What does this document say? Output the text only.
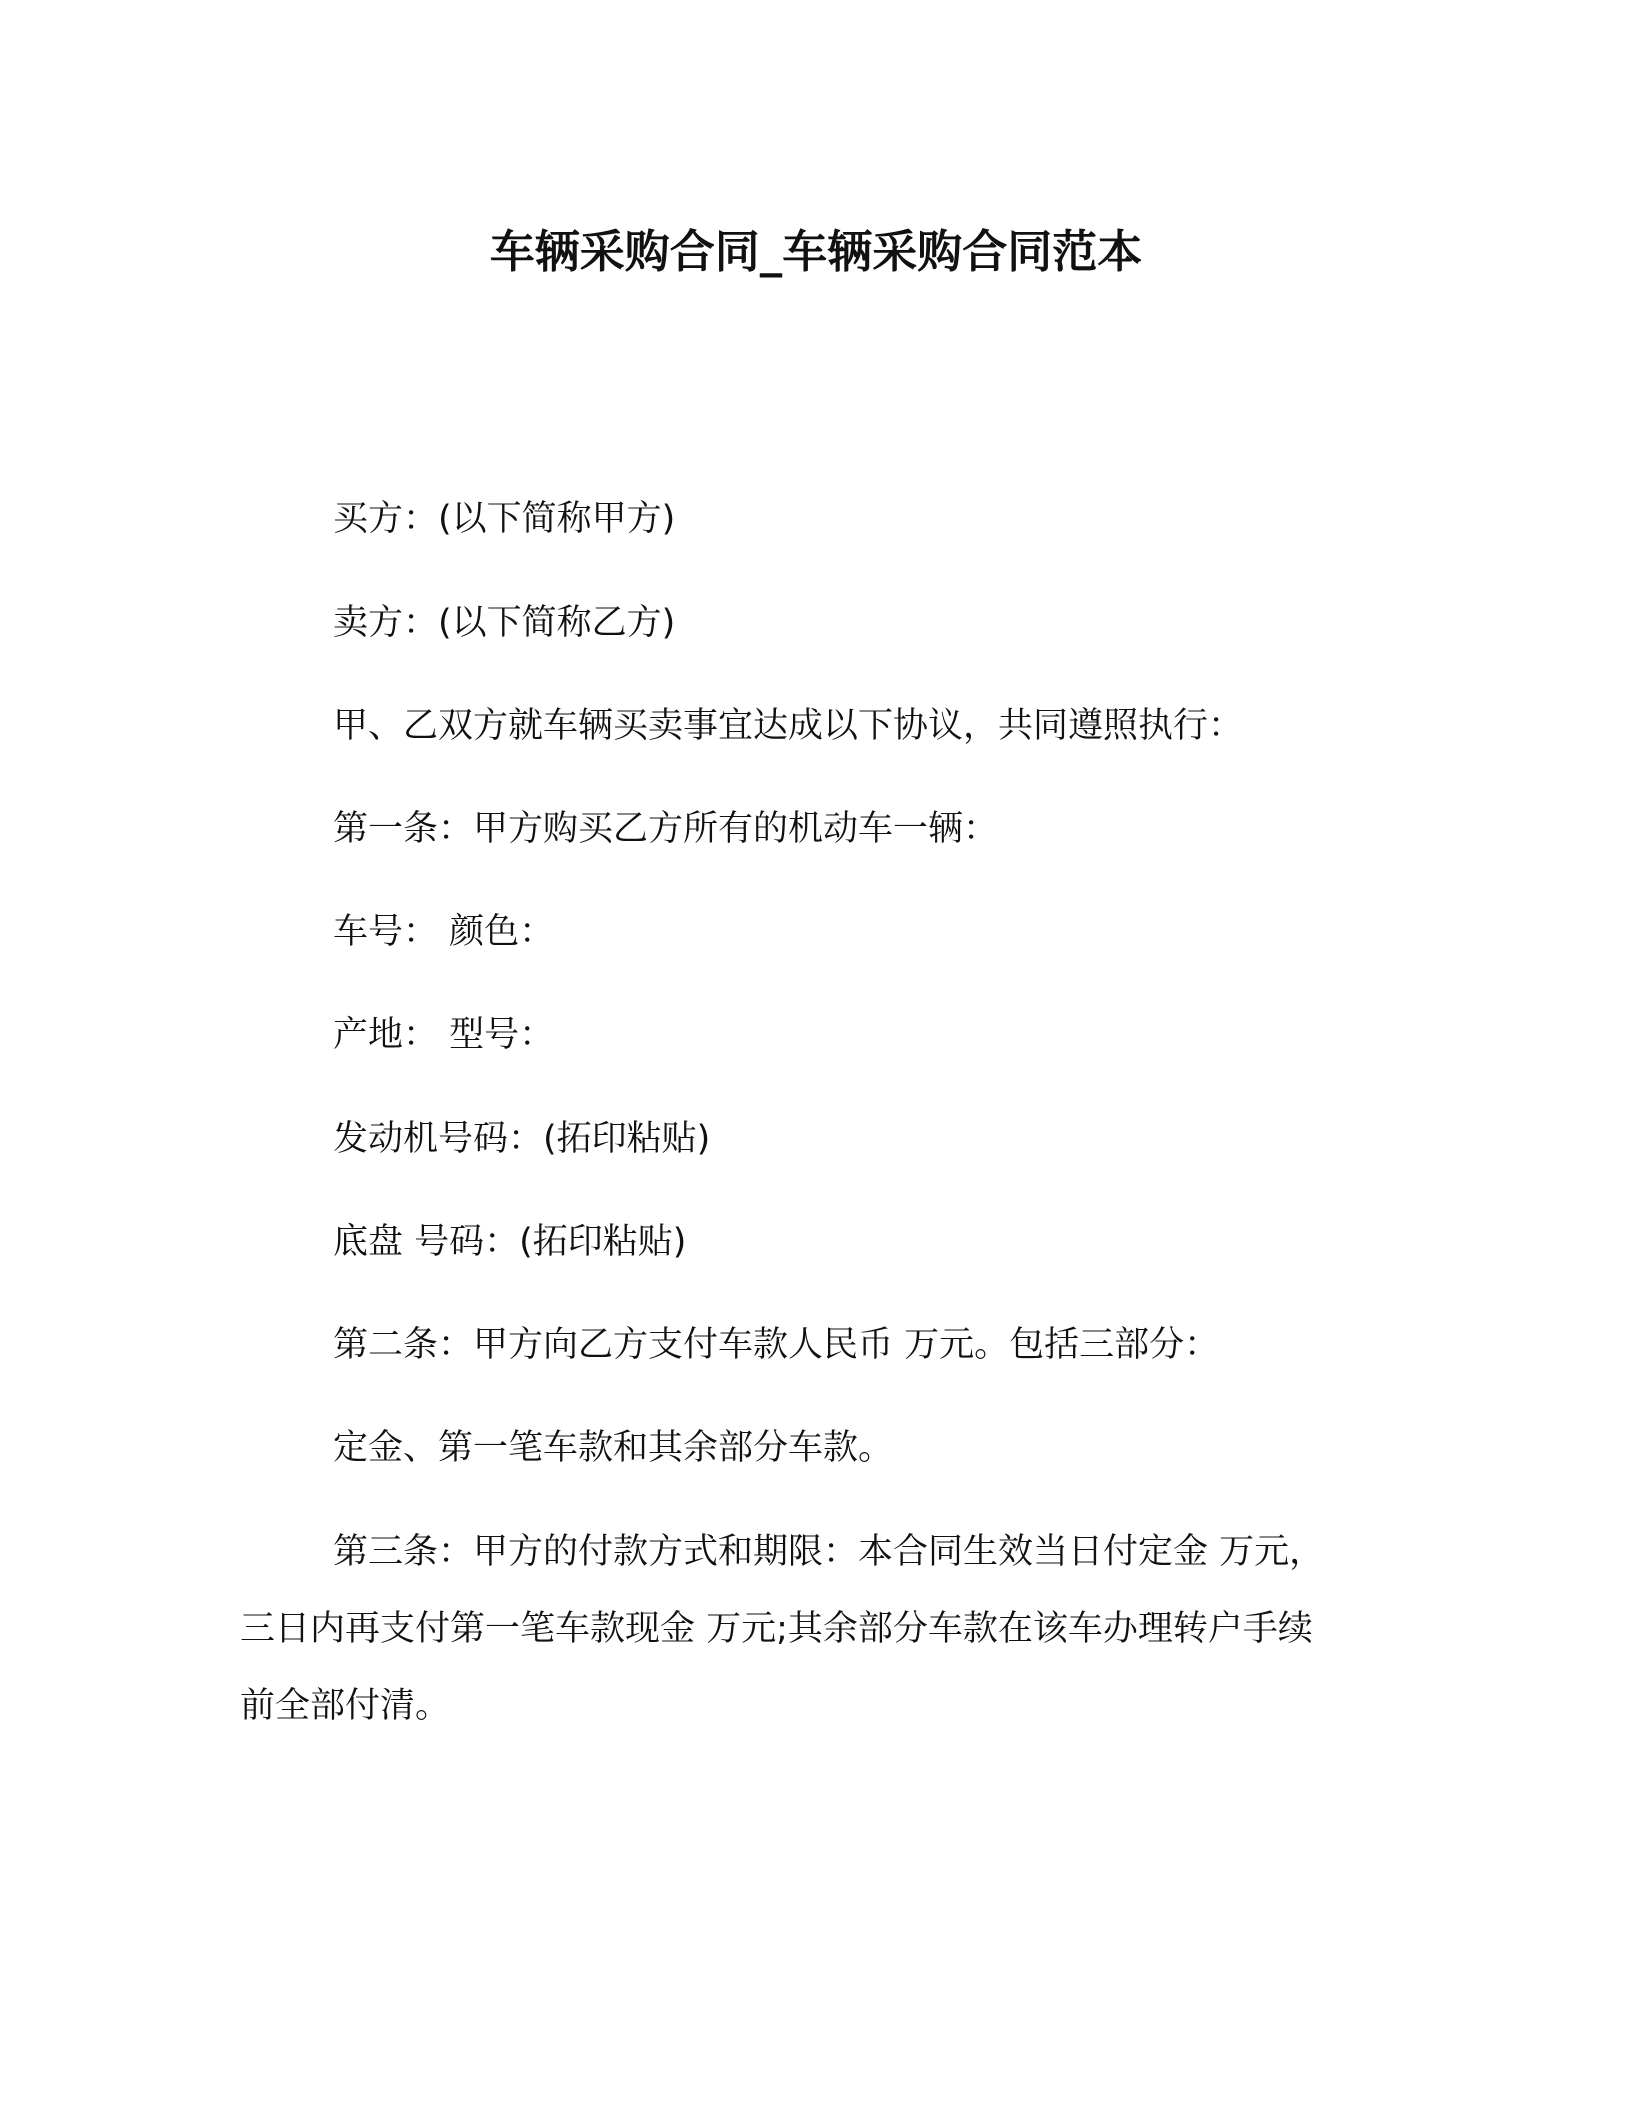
车辆采购合同_车辆采购合同范本
买方：(以下简称甲方)
卖方：(以下简称乙方)
甲、乙双方就车辆买卖事宜达成以下协议，共同遵照执行：
第一条：甲方购买乙方所有的机动车一辆：
车号： 颜色：
产地： 型号：
发动机号码：(拓印粘贴)
底盘 号码：(拓印粘贴)
第二条：甲方向乙方支付车款人民币 万元。包括三部分：
定金、第一笔车款和其余部分车款。
第三条：甲方的付款方式和期限：本合同生效当日付定金 万元，
三日内再支付第一笔车款现金 万元;其余部分车款在该车办理转户手续
前全部付清。
